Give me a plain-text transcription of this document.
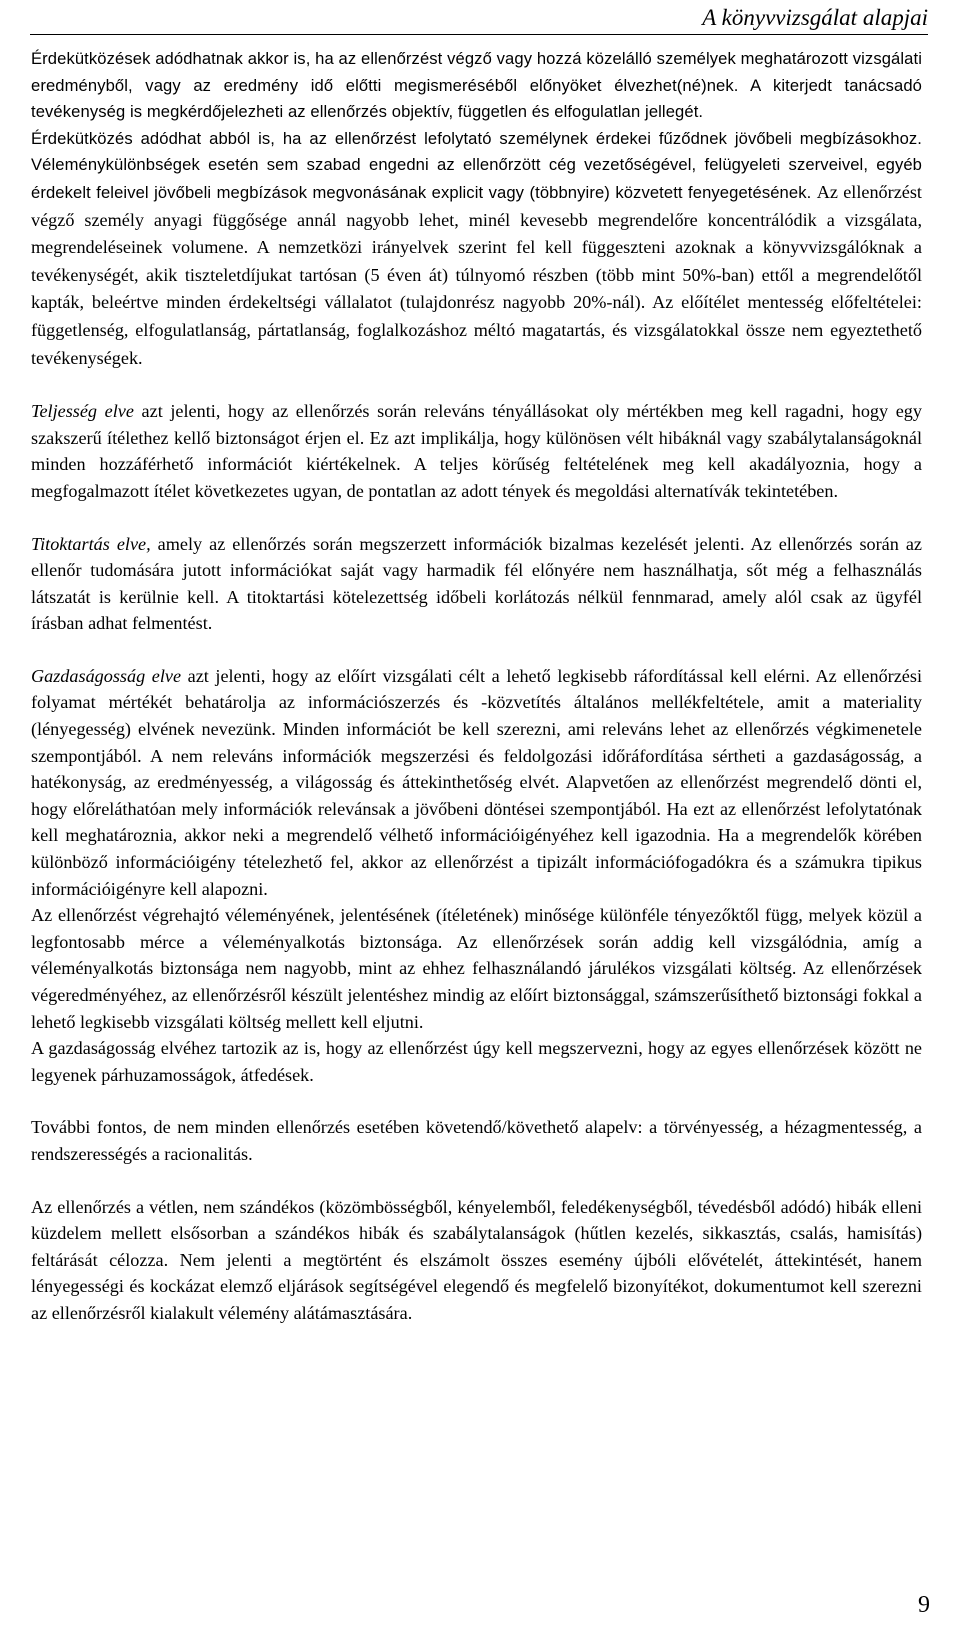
A könyvvizsgálat alapjai

Érdekütközések adódhatnak akkor is, ha az ellenőrzést végző vagy hozzá közelálló személyek meghatározott vizsgálati eredményből, vagy az eredmény idő előtti megismeréséből előnyöket élvezhet(né)nek. A kiterjedt tanácsadó tevékenység is megkérdőjelezheti az ellenőrzés objektív, független és elfogulatlan jellegét.

Érdekütközés adódhat abból is, ha az ellenőrzést lefolytató személynek érdekei fűződnek jövőbeli megbízásokhoz. Véleménykülönbségek esetén sem szabad engedni az ellenőrzött cég vezetőségével, felügyeleti szerveivel, egyéb érdekelt feleivel jövőbeli megbízások megvonásának explicit vagy (többnyire) közvetett fenyegetésének. Az ellenőrzést végző személy anyagi függősége annál nagyobb lehet, minél kevesebb megrendelőre koncentrálódik a vizsgálata, megrendeléseinek volumene. A nemzetközi irányelvek szerint fel kell függeszteni azoknak a könyvvizsgálóknak a tevékenységét, akik tiszteletdíjukat tartósan (5 éven át) túlnyomó részben (több mint 50%-ban) ettől a megrendelőtől kapták, beleértve minden érdekeltségi vállalatot (tulajdonrész nagyobb 20%-nál). Az előítélet mentesség előfeltételei: függetlenség, elfogulatlanság, pártatlanság, foglalkozáshoz méltó magatartás, és vizsgálatokkal össze nem egyeztethető tevékenységek.

Teljesség elve azt jelenti, hogy az ellenőrzés során releváns tényállásokat oly mértékben meg kell ragadni, hogy egy szakszerű ítélethez kellő biztonságot érjen el. Ez azt implikálja, hogy különösen vélt hibáknál vagy szabálytalanságoknál minden hozzáférhető információt kiértékelnek. A teljes körűség feltételének meg kell akadályoznia, hogy a megfogalmazott ítélet következetes ugyan, de pontatlan az adott tények és megoldási alternatívák tekintetében.

Titoktartás elve, amely az ellenőrzés során megszerzett információk bizalmas kezelését jelenti. Az ellenőrzés során az ellenőr tudomására jutott információkat saját vagy harmadik fél előnyére nem használhatja, sőt még a felhasználás látszatát is kerülnie kell. A titoktartási kötelezettség időbeli korlátozás nélkül fennmarad, amely alól csak az ügyfél írásban adhat felmentést.

Gazdaságosság elve azt jelenti, hogy az előírt vizsgálati célt a lehető legkisebb ráfordítással kell elérni. Az ellenőrzési folyamat mértékét behatárolja az információszerzés és -közvetítés általános mellékfeltétele, amit a materiality (lényegesség) elvének nevezünk. Minden információt be kell szerezni, ami releváns lehet az ellenőrzés végkimenetele szempontjából. A nem releváns információk megszerzési és feldolgozási időráfordítása sértheti a gazdaságosság, a hatékonyság, az eredményesség, a világosság és áttekinthetőség elvét. Alapvetően az ellenőrzést megrendelő dönti el, hogy előreláthatóan mely információk relevánsak a jövőbeni döntései szempontjából. Ha ezt az ellenőrzést lefolytatónak kell meghatároznia, akkor neki a megrendelő vélhető információigényéhez kell igazodnia. Ha a megrendelők körében különböző információigény tételezhető fel, akkor az ellenőrzést a tipizált információfogadókra és a számukra tipikus információigényre kell alapozni.

Az ellenőrzést végrehajtó véleményének, jelentésének (ítéletének) minősége különféle tényezőktől függ, melyek közül a legfontosabb mérce a véleményalkotás biztonsága. Az ellenőrzések során addig kell vizsgálódnia, amíg a véleményalkotás biztonsága nem nagyobb, mint az ehhez felhasználandó járulékos vizsgálati költség. Az ellenőrzések végeredményéhez, az ellenőrzésről készült jelentéshez mindig az előírt biztonsággal, számszerűsíthető biztonsági fokkal a lehető legkisebb vizsgálati költség mellett kell eljutni.

A gazdaságosság elvéhez tartozik az is, hogy az ellenőrzést úgy kell megszervezni, hogy az egyes ellenőrzések között ne legyenek párhuzamosságok, átfedések.

További fontos, de nem minden ellenőrzés esetében követendő/követhető alapelv: a törvényesség, a hézagmentesség, a rendszerességés a racionalitás.

Az ellenőrzés a vétlen, nem szándékos (közömbösségből, kényelemből, feledékenységből, tévedésből adódó) hibák elleni küzdelem mellett elsősorban a szándékos hibák és szabálytalanságok (hűtlen kezelés, sikkasztás, csalás, hamisítás) feltárását célozza. Nem jelenti a megtörtént és elszámolt összes esemény újbóli elővételét, áttekintését, hanem lényegességi és kockázat elemző eljárások segítségével elegendő és megfelelő bizonyítékot, dokumentumot kell szerezni az ellenőrzésről kialakult vélemény alátámasztására.

9
